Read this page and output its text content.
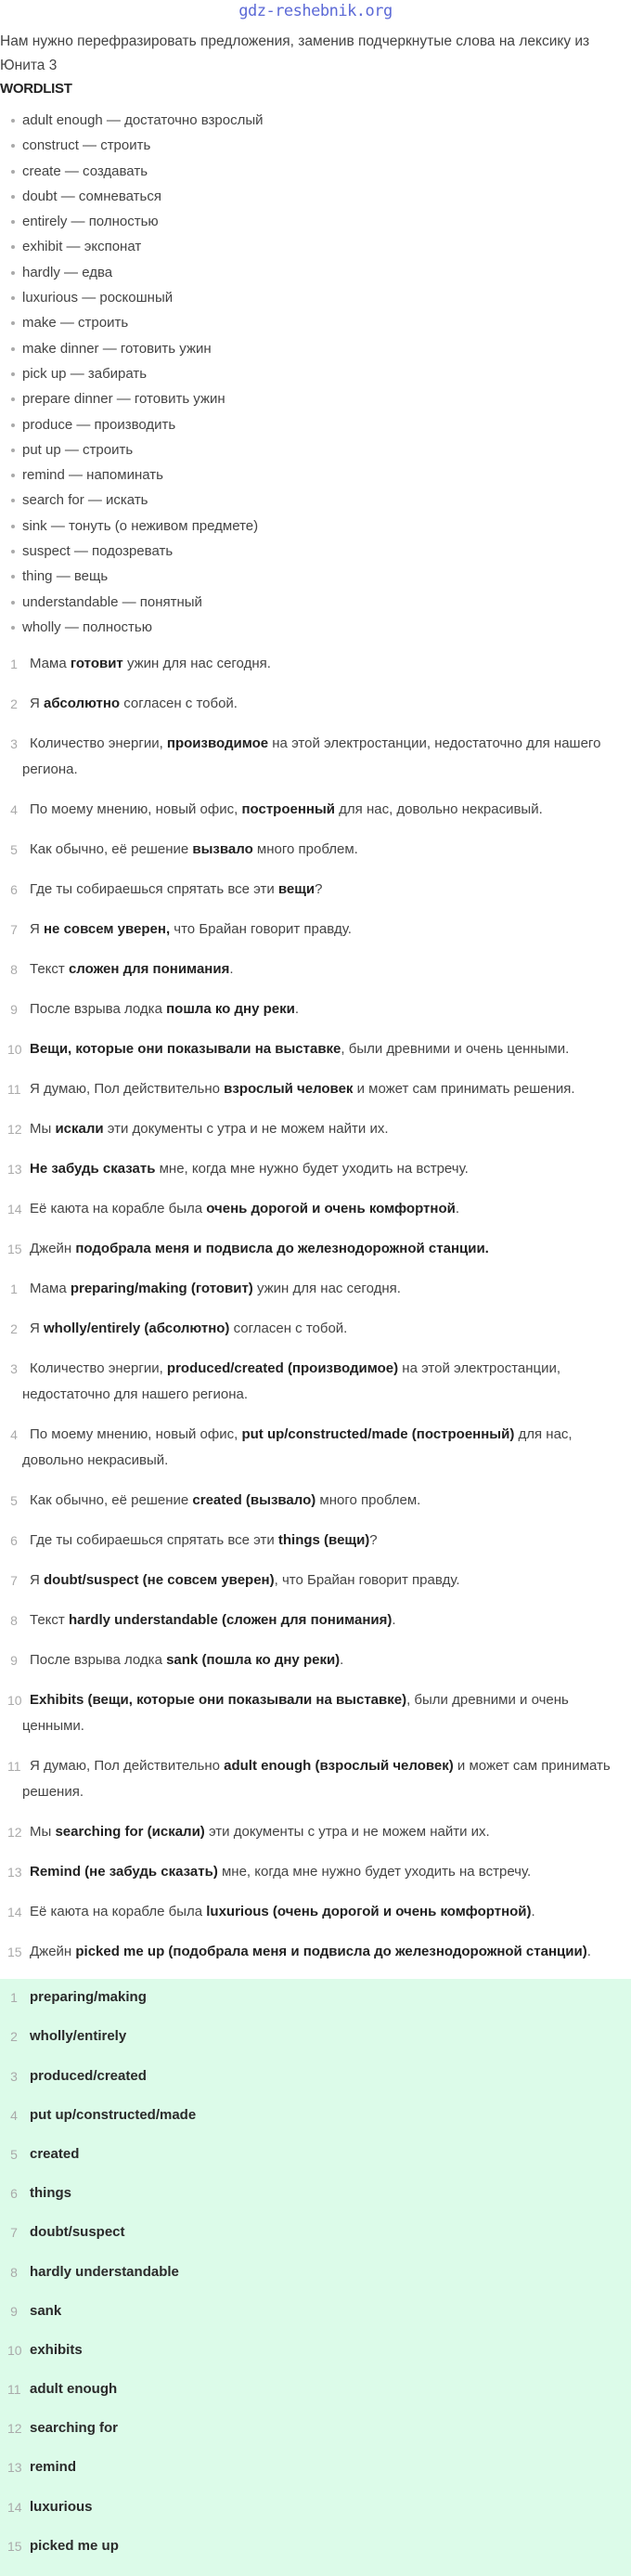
gdz-reshebnik.org
Нам нужно перефразировать предложения, заменив подчеркнутые слова на лексику из Юнита 3
WORDLIST
adult enough — достаточно взрослый
construct — строить
create — создавать
doubt — сомневаться
entirely — полностью
exhibit — экспонат
hardly — едва
luxurious — роскошный
make — строить
make dinner — готовить ужин
pick up — забирать
prepare dinner — готовить ужин
produce — производить
put up — строить
remind — напоминать
search for — искать
sink — тонуть (о неживом предмете)
suspect — подозревать
thing — вещь
understandable — понятный
wholly — полностью
1 Мама готовит ужин для нас сегодня.
2 Я абсолютно согласен с тобой.
3 Количество энергии, производимое на этой электростанции, недостаточно для нашего региона.
4 По моему мнению, новый офис, построенный для нас, довольно некрасивый.
5 Как обычно, её решение вызвало много проблем.
6 Где ты собираешься спрятать все эти вещи?
7 Я не совсем уверен, что Брайан говорит правду.
8 Текст сложен для понимания.
9 После взрыва лодка пошла ко дну реки.
10 Вещи, которые они показывали на выставке, были древними и очень ценными.
11 Я думаю, Пол действительно взрослый человек и может сам принимать решения.
12 Мы искали эти документы с утра и не можем найти их.
13 Не забудь сказать мне, когда мне нужно будет уходить на встречу.
14 Её каюта на корабле была очень дорогой и очень комфортной.
15 Джейн подобрала меня и подвисла до железнодорожной станции.
1 Мама preparing/making (готовит) ужин для нас сегодня.
2 Я wholly/entirely (абсолютно) согласен с тобой.
3 Количество энергии, produced/created (производимое) на этой электростанции, недостаточно для нашего региона.
4 По моему мнению, новый офис, put up/constructed/made (построенный) для нас, довольно некрасивый.
5 Как обычно, её решение created (вызвало) много проблем.
6 Где ты собираешься спрятать все эти things (вещи)?
7 Я doubt/suspect (не совсем уверен), что Брайан говорит правду.
8 Текст hardly understandable (сложен для понимания).
9 После взрыва лодка sank (пошла ко дну реки).
10 Exhibits (вещи, которые они показывали на выставке), были древними и очень ценными.
11 Я думаю, Пол действительно adult enough (взрослый человек) и может сам принимать решения.
12 Мы searching for (искали) эти документы с утра и не можем найти их.
13 Remind (не забудь сказать) мне, когда мне нужно будет уходить на встречу.
14 Её каюта на корабле была luxurious (очень дорогой и очень комфортной).
15 Джейн picked me up (подобрала меня и подвисла до железнодорожной станции).
1 preparing/making
2 wholly/entirely
3 produced/created
4 put up/constructed/made
5 created
6 things
7 doubt/suspect
8 hardly understandable
9 sank
10 exhibits
11 adult enough
12 searching for
13 remind
14 luxurious
15 picked me up
